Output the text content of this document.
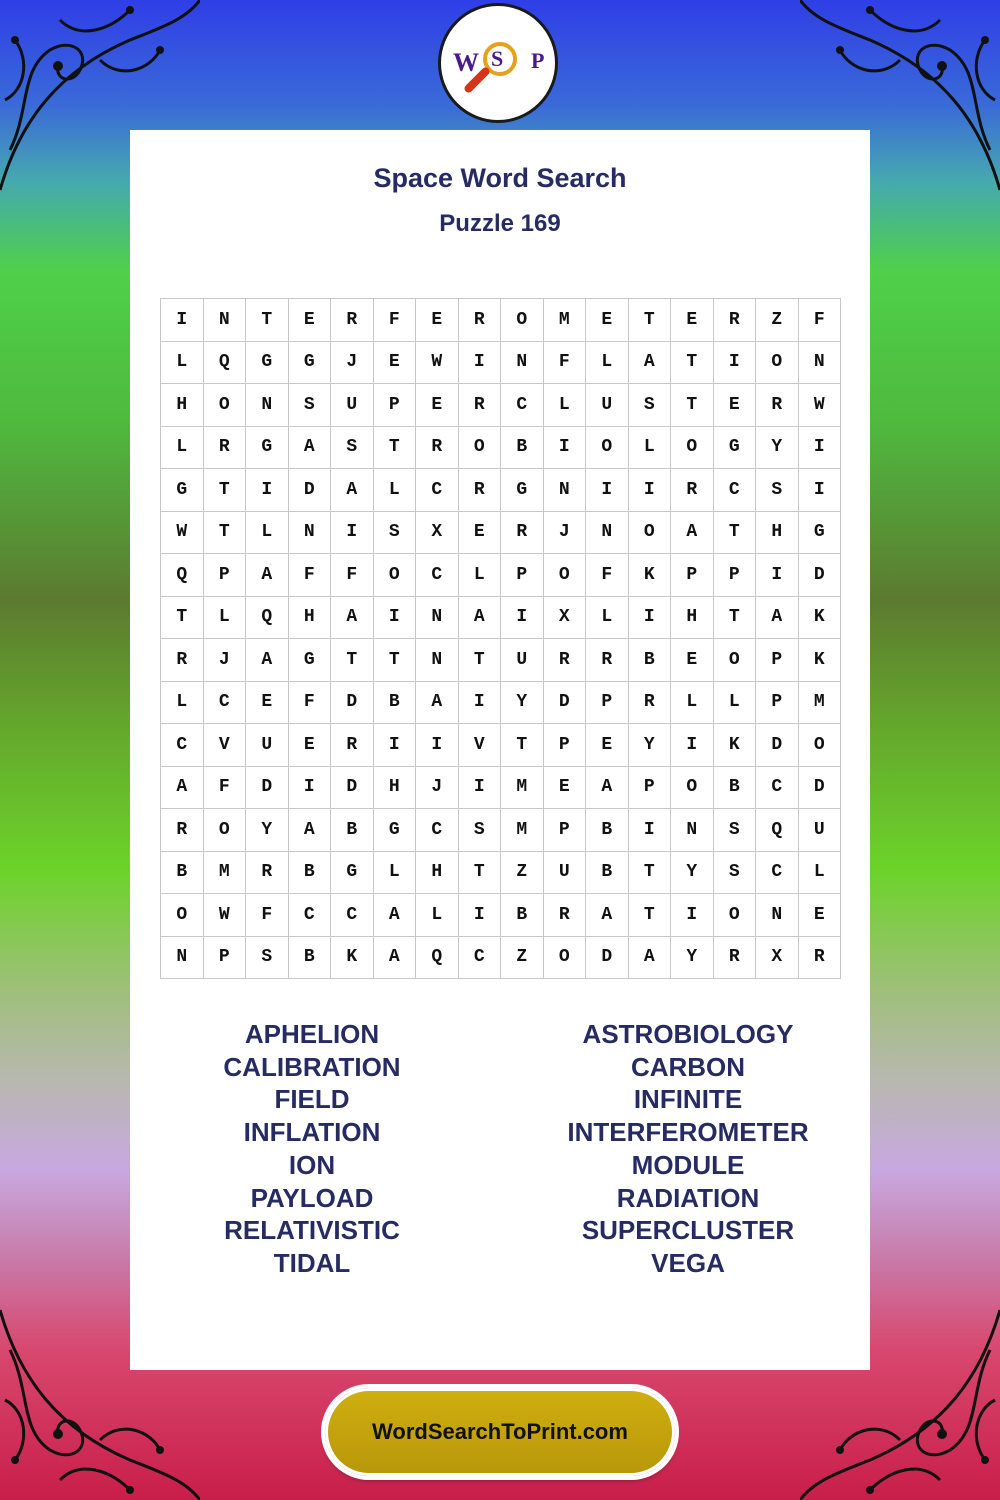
W S P
Space Word Search
Puzzle 169
I	N	T	E	R	F	E	R	O	M	E	T	E	R	Z	F
L	Q	G	G	J	E	W	I	N	F	L	A	T	I	O	N
H	O	N	S	U	P	E	R	C	L	U	S	T	E	R	W
L	R	G	A	S	T	R	O	B	I	O	L	O	G	Y	I
G	T	I	D	A	L	C	R	G	N	I	I	R	C	S	I
W	T	L	N	I	S	X	E	R	J	N	O	A	T	H	G
Q	P	A	F	F	O	C	L	P	O	F	K	P	P	I	D
T	L	Q	H	A	I	N	A	I	X	L	I	H	T	A	K
R	J	A	G	T	T	N	T	U	R	R	B	E	O	P	K
L	C	E	F	D	B	A	I	Y	D	P	R	L	L	P	M
C	V	U	E	R	I	I	V	T	P	E	Y	I	K	D	O
A	F	D	I	D	H	J	I	M	E	A	P	O	B	C	D
R	O	Y	A	B	G	C	S	M	P	B	I	N	S	Q	U
B	M	R	B	G	L	H	T	Z	U	B	T	Y	S	C	L
O	W	F	C	C	A	L	I	B	R	A	T	I	O	N	E
N	P	S	B	K	A	Q	C	Z	O	D	A	Y	R	X	R
APHELION
CALIBRATION
FIELD
INFLATION
ION
PAYLOAD
RELATIVISTIC
TIDAL
ASTROBIOLOGY
CARBON
INFINITE
INTERFEROMETER
MODULE
RADIATION
SUPERCLUSTER
VEGA
WordSearchToPrint.com
